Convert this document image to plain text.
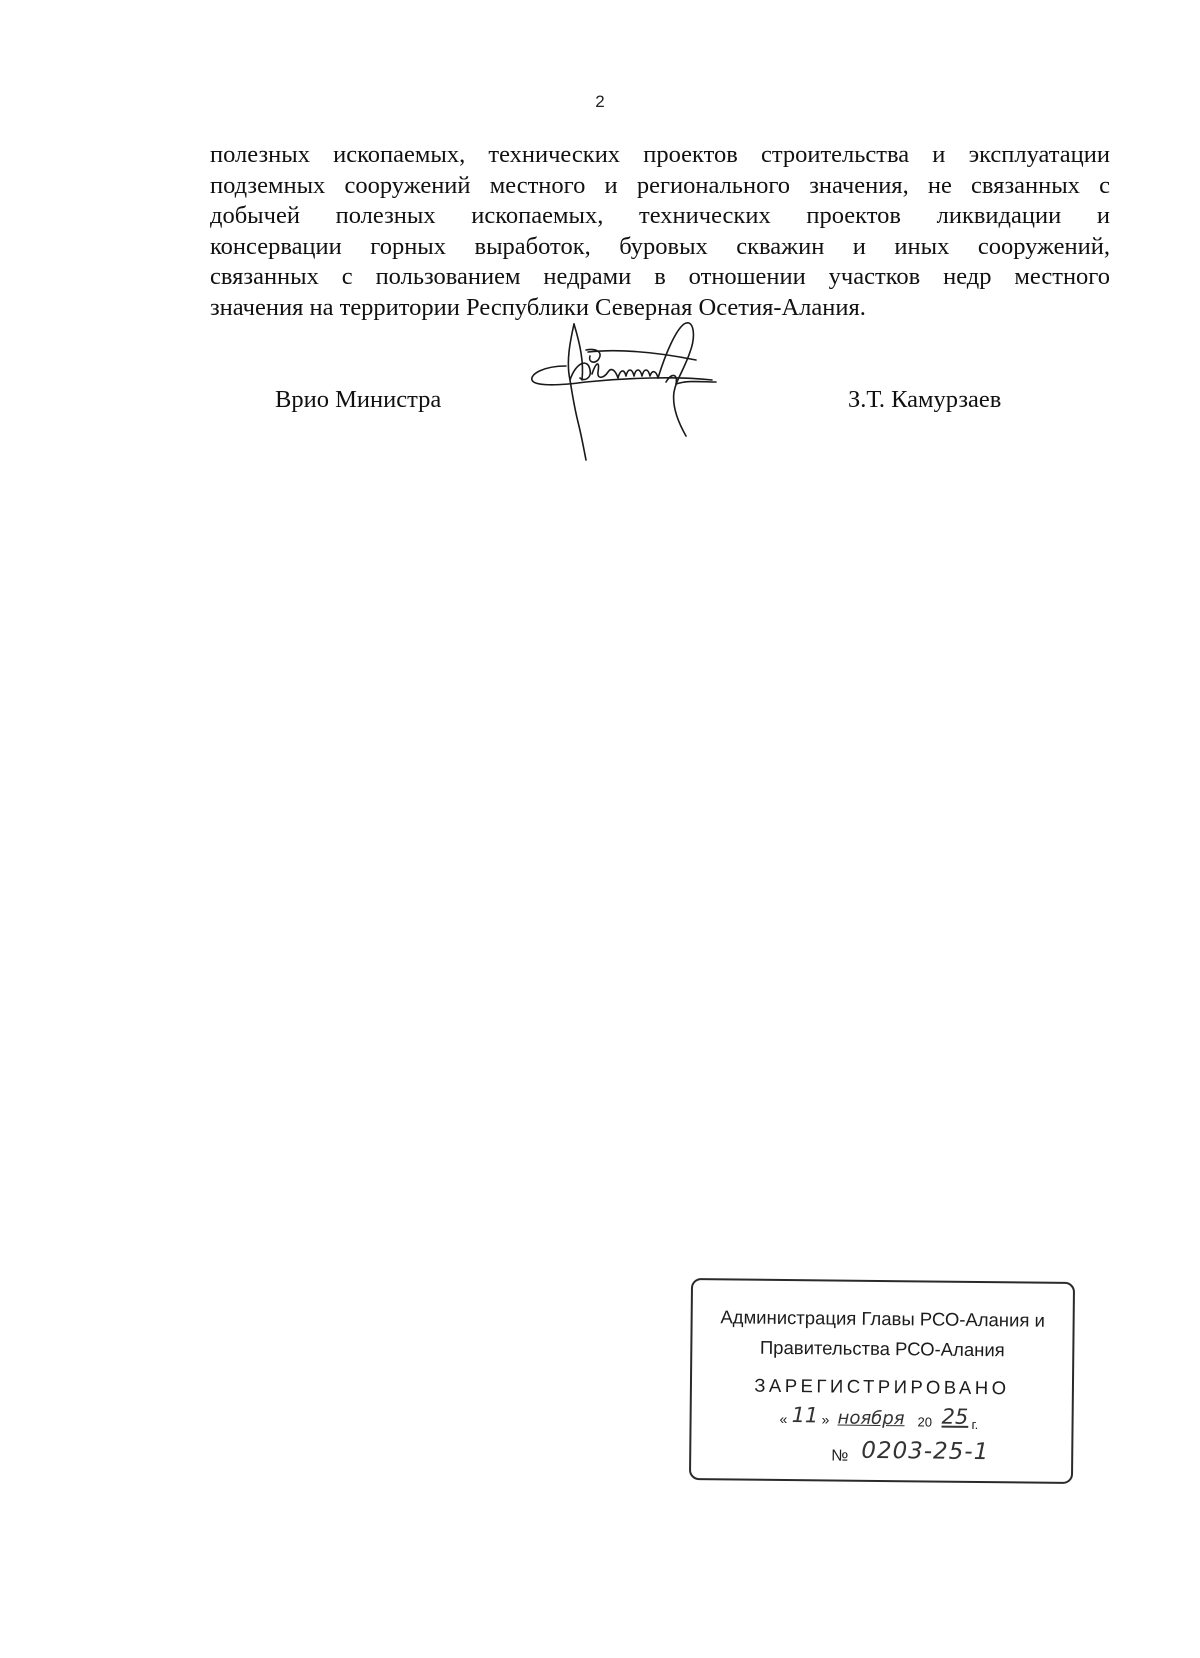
2
полезных ископаемых, технических проектов строительства и эксплуатации
подземных сооружений местного и регионального значения, не связанных с
добычей полезных ископаемых, технических проектов ликвидации и
консервации горных выработок, буровых скважин и иных сооружений,
связанных с пользованием недрами в отношении участков недр местного
значения на территории Республики Северная Осетия-Алания.
Врио Министра	З.Т. Камурзаев
Администрация Главы РСО-Алания и
Правительства РСО-Алания
ЗАРЕГИСТРИРОВАНО
« 11 » ноября 20 25 г.
№ 0203-25-1
